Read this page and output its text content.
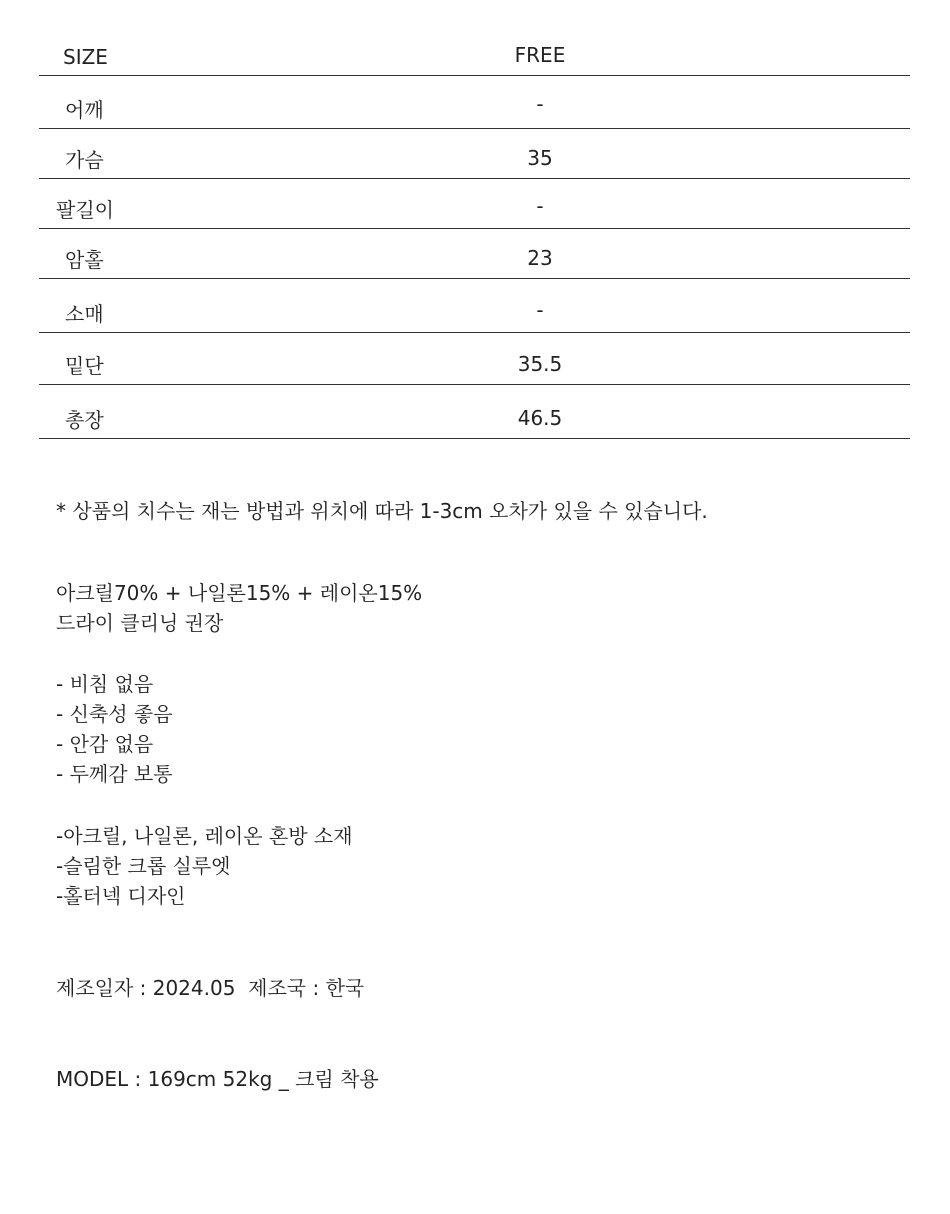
SIZE	FREE
어깨	-
가슴	35
팔길이	-
암홀	23
소매	-
밑단	35.5
총장	46.5
* 상품의 치수는 재는 방법과 위치에 따라 1-3cm 오차가 있을 수 있습니다.
아크릴70% + 나일론15% + 레이온15%
드라이 클리닝 권장
- 비침 없음
- 신축성 좋음
- 안감 없음
- 두께감 보통
-아크릴, 나일론, 레이온 혼방 소재
-슬림한 크롭 실루엣
-홀터넥 디자인
제조일자 : 2024.05  제조국 : 한국
MODEL : 169cm 52kg _ 크림 착용
